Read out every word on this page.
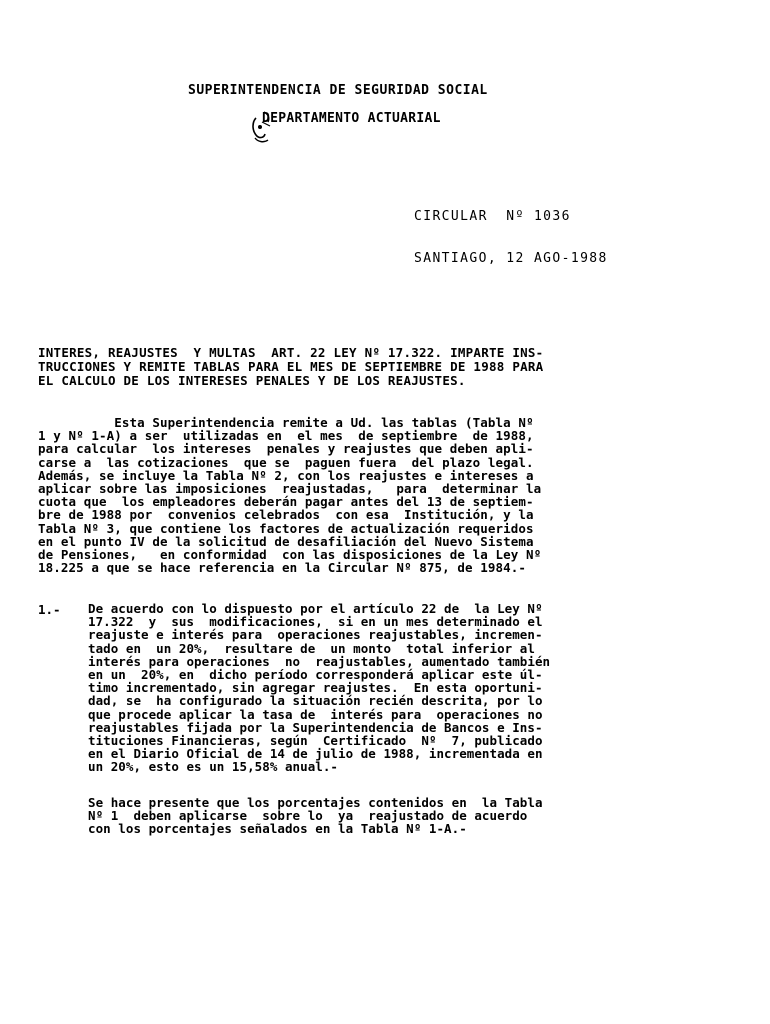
SUPERINTENDENCIA DE SEGURIDAD SOCIAL
DEPARTAMENTO ACTUARIAL
CIRCULAR  Nº 1036
SANTIAGO, 12 AGO-1988
INTERES, REAJUSTES  Y MULTAS  ART. 22 LEY Nº 17.322. IMPARTE INS-
TRUCCIONES Y REMITE TABLAS PARA EL MES DE SEPTIEMBRE DE 1988 PARA
EL CALCULO DE LOS INTERESES PENALES Y DE LOS REAJUSTES.
Esta Superintendencia remite a Ud. las tablas (Tabla Nº
1 y Nº 1-A) a ser  utilizadas en  el mes  de septiembre  de 1988,
para calcular  los intereses  penales y reajustes que deben apli-
carse a  las cotizaciones  que se  paguen fuera  del plazo legal.
Además, se incluye la Tabla Nº 2, con los reajustes e intereses a
aplicar sobre las imposiciones  reajustadas,   para  determinar la
cuota que  los empleadores deberán pagar antes del 13 de septiem-
bre de 1988 por  convenios celebrados  con esa  Institución, y la
Tabla Nº 3, que contiene los factores de actualización requeridos
en el punto IV de la solicitud de desafiliación del Nuevo Sistema
de Pensiones,   en conformidad  con las disposiciones de la Ley Nº
18.225 a que se hace referencia en la Circular Nº 875, de 1984.-
1.- De acuerdo con lo dispuesto por el artículo 22 de  la Ley Nº
17.322  y  sus  modificaciones,  si en un mes determinado el
reajuste e interés para  operaciones reajustables, incremen-
tado en  un 20%,  resultare de  un monto  total inferior al
interés para operaciones  no  reajustables, aumentado también
en un  20%, en  dicho período corresponderá aplicar este úl-
timo incrementado, sin agregar reajustes.  En esta oportuni-
dad, se  ha configurado la situación recién descrita, por lo
que procede aplicar la tasa de  interés para  operaciones no
reajustables fijada por la Superintendencia de Bancos e Ins-
tituciones Financieras, según  Certificado  Nº  7, publicado
en el Diario Oficial de 14 de julio de 1988, incrementada en
un 20%, esto es un 15,58% anual.-
Se hace presente que los porcentajes contenidos en  la Tabla
Nº 1  deben aplicarse  sobre lo  ya  reajustado de acuerdo
con los porcentajes señalados en la Tabla Nº 1-A.-
